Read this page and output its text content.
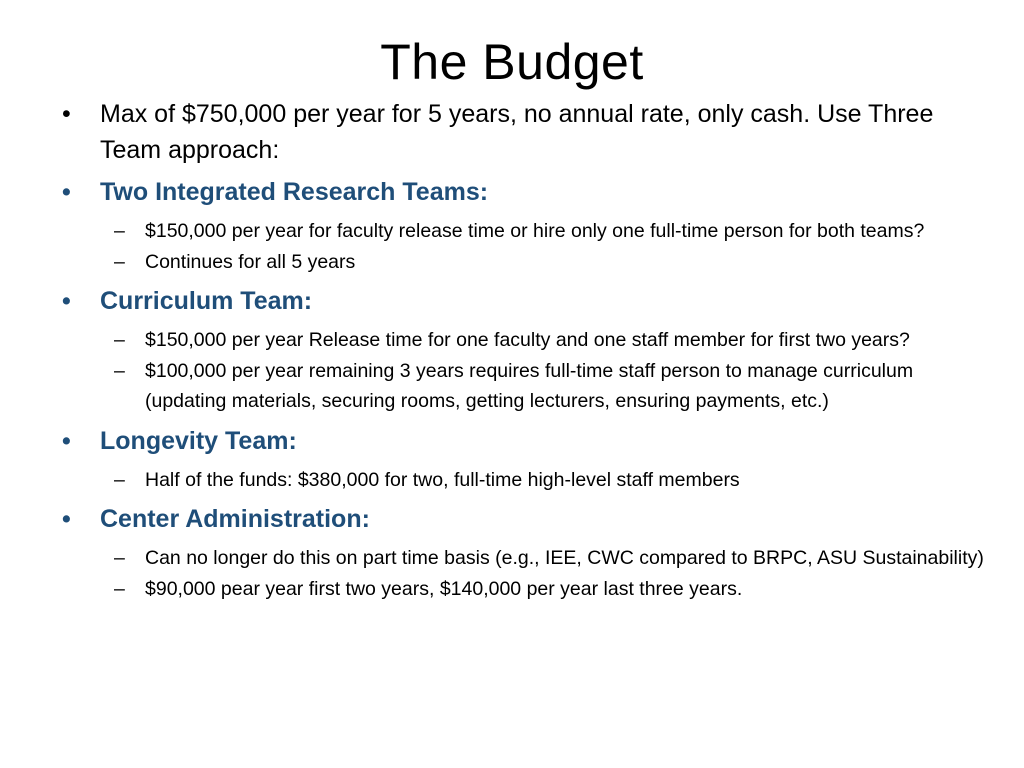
The Budget
•	Max of $750,000 per year for 5 years, no annual rate, only cash. Use Three Team approach:
•	Two Integrated Research Teams:
– $150,000 per year for faculty release time or hire only one full-time person for both teams?
– Continues for all 5 years
•	Curriculum Team:
– $150,000 per year Release time for one faculty and one staff member for first two years?
– $100,000 per year remaining 3 years requires full-time staff person to manage curriculum (updating materials, securing rooms, getting lecturers, ensuring payments, etc.)
•	Longevity Team:
– Half of the funds: $380,000 for two, full-time high-level staff members
•	Center Administration:
– Can no longer do this on part time basis (e.g., IEE, CWC compared to BRPC, ASU Sustainability)
– $90,000 pear year first two years, $140,000 per year last three years.
